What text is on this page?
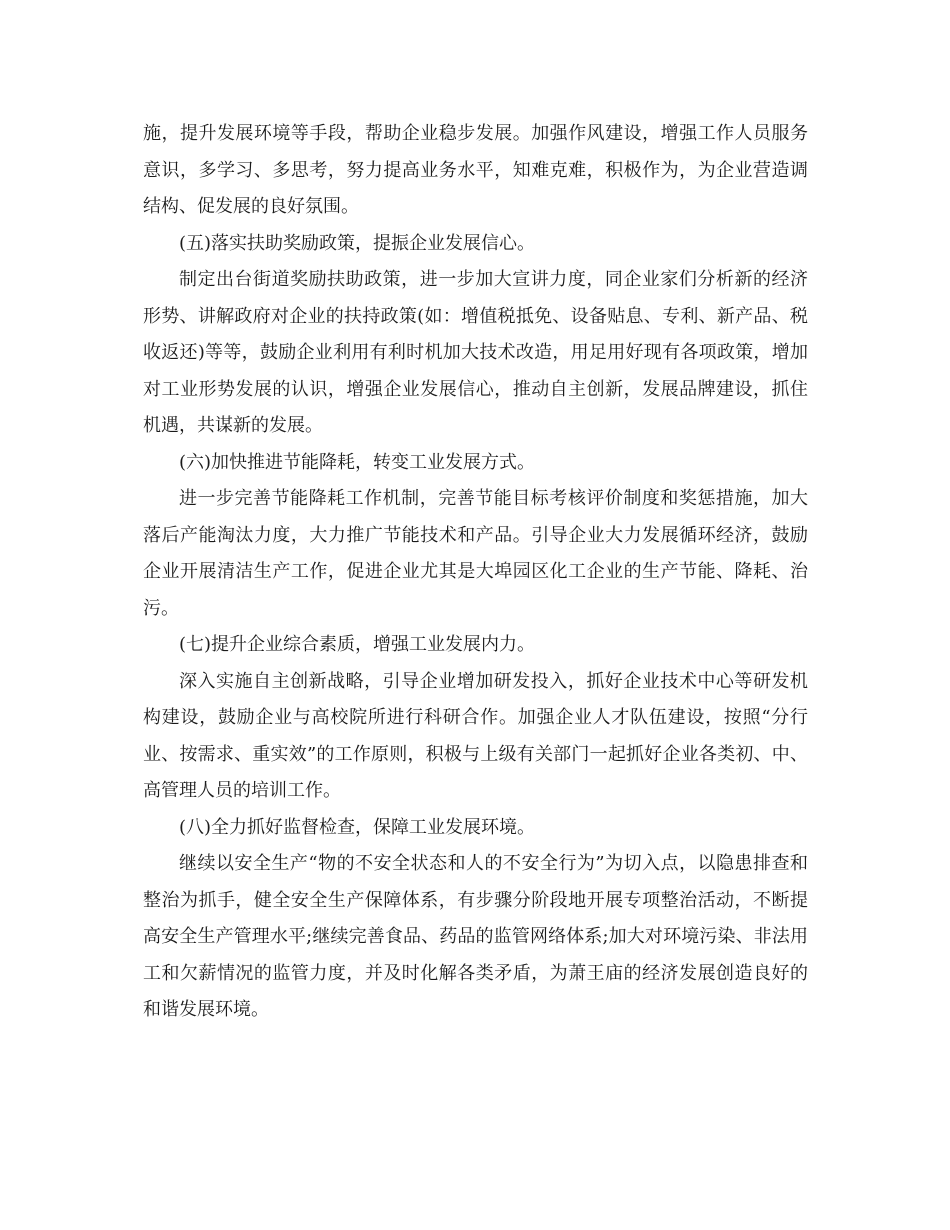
施，提升发展环境等手段，帮助企业稳步发展。加强作风建设，增强工作人员服务意识，多学习、多思考，努力提高业务水平，知难克难，积极作为，为企业营造调结构、促发展的良好氛围。

(五)落实扶助奖励政策，提振企业发展信心。

制定出台街道奖励扶助政策，进一步加大宣讲力度，同企业家们分析新的经济形势、讲解政府对企业的扶持政策(如：增值税抵免、设备贴息、专利、新产品、税收返还)等等，鼓励企业利用有利时机加大技术改造，用足用好现有各项政策，增加对工业形势发展的认识，增强企业发展信心，推动自主创新，发展品牌建设，抓住机遇，共谋新的发展。

(六)加快推进节能降耗，转变工业发展方式。

进一步完善节能降耗工作机制，完善节能目标考核评价制度和奖惩措施，加大落后产能淘汰力度，大力推广节能技术和产品。引导企业大力发展循环经济，鼓励企业开展清洁生产工作，促进企业尤其是大埠园区化工企业的生产节能、降耗、治污。

(七)提升企业综合素质，增强工业发展内力。

深入实施自主创新战略，引导企业增加研发投入，抓好企业技术中心等研发机构建设，鼓励企业与高校院所进行科研合作。加强企业人才队伍建设，按照“分行业、按需求、重实效”的工作原则，积极与上级有关部门一起抓好企业各类初、中、高管理人员的培训工作。

(八)全力抓好监督检查，保障工业发展环境。

继续以安全生产“物的不安全状态和人的不安全行为”为切入点，以隐患排查和整治为抓手，健全安全生产保障体系，有步骤分阶段地开展专项整治活动，不断提高安全生产管理水平;继续完善食品、药品的监管网络体系;加大对环境污染、非法用工和欠薪情况的监管力度，并及时化解各类矛盾，为萧王庙的经济发展创造良好的和谐发展环境。
